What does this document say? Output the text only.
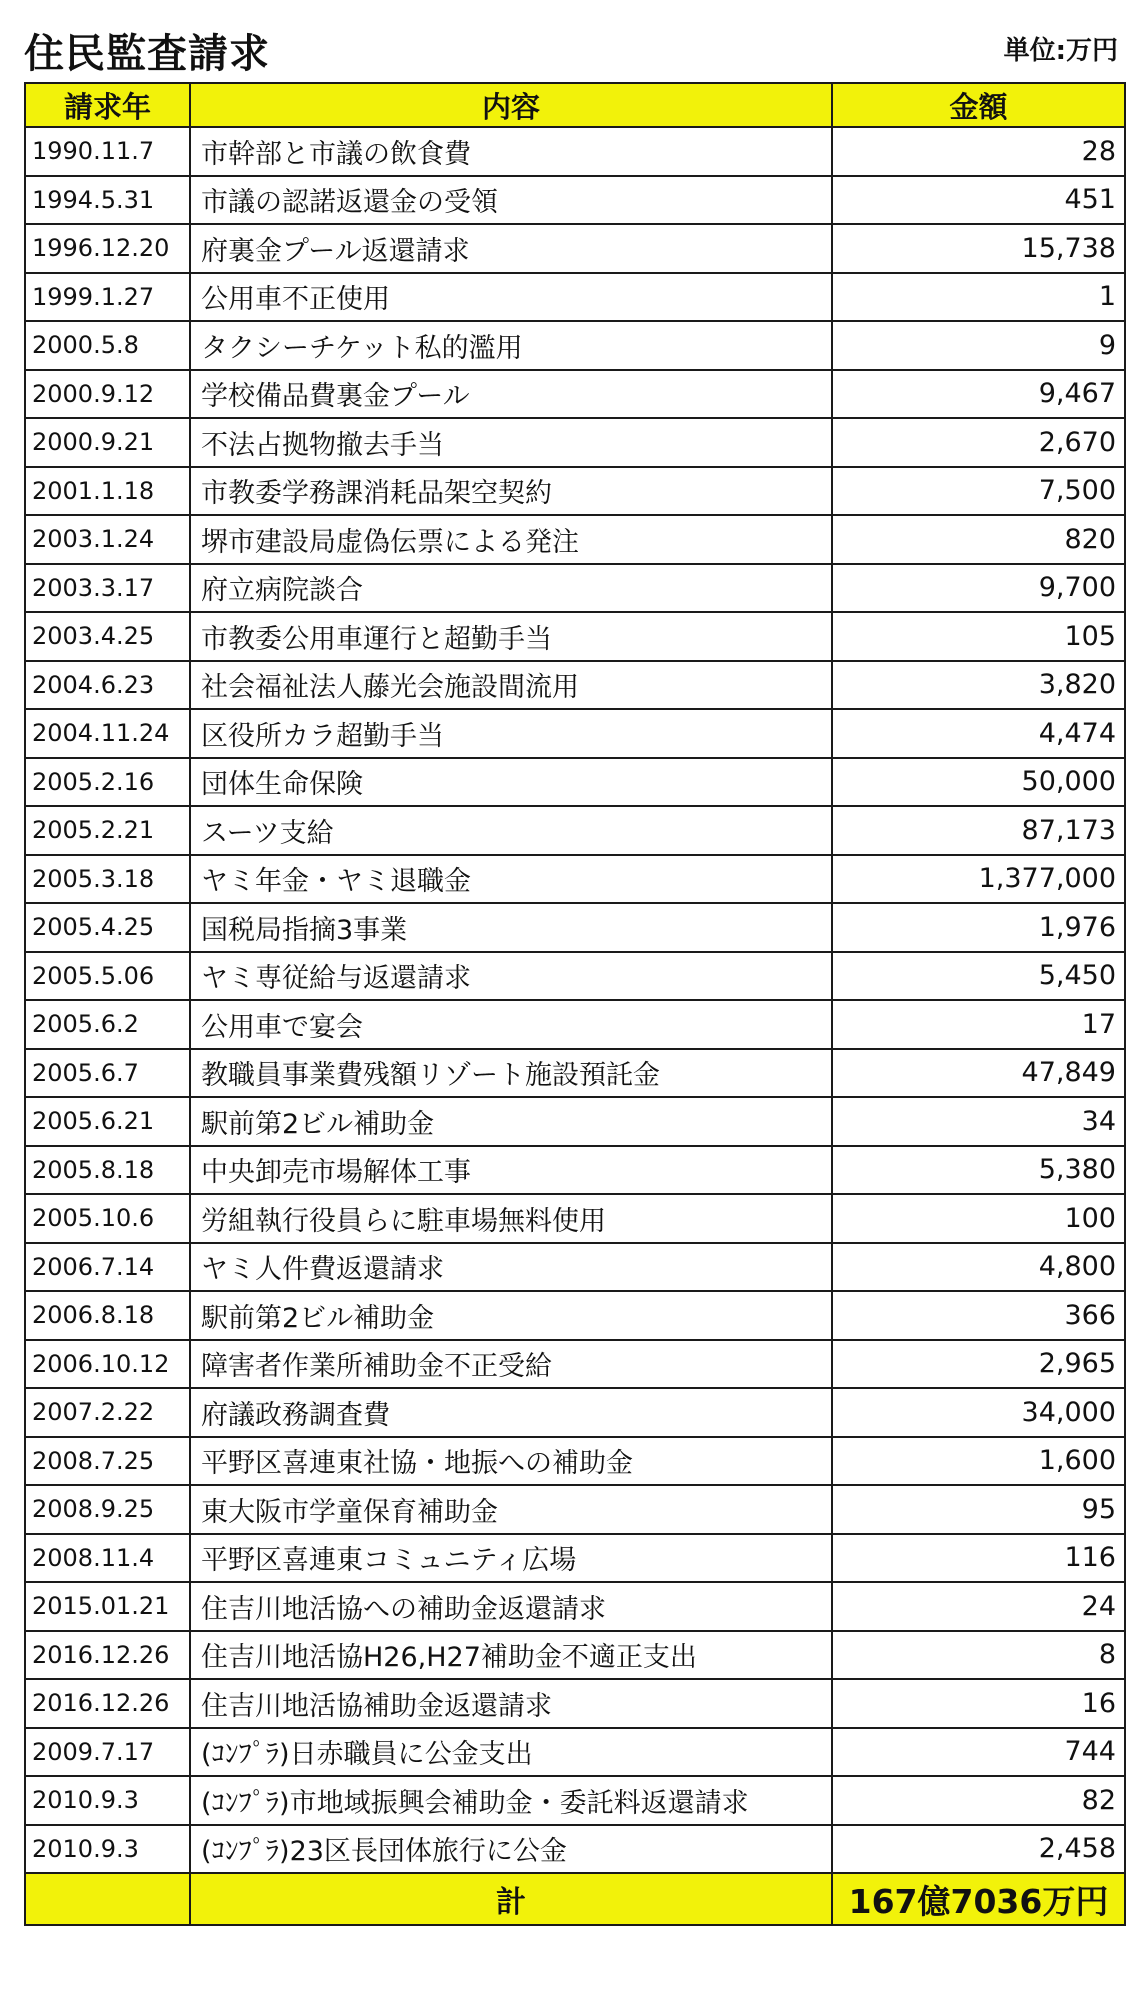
住民監査請求	単位:万円
請求年	内容	金額
1990.11.7	市幹部と市議の飲食費	28
1994.5.31	市議の認諾返還金の受領	451
1996.12.20	府裏金プール返還請求	15,738
1999.1.27	公用車不正使用	1
2000.5.8	タクシーチケット私的濫用	9
2000.9.12	学校備品費裏金プール	9,467
2000.9.21	不法占拠物撤去手当	2,670
2001.1.18	市教委学務課消耗品架空契約	7,500
2003.1.24	堺市建設局虚偽伝票による発注	820
2003.3.17	府立病院談合	9,700
2003.4.25	市教委公用車運行と超勤手当	105
2004.6.23	社会福祉法人藤光会施設間流用	3,820
2004.11.24	区役所カラ超勤手当	4,474
2005.2.16	団体生命保険	50,000
2005.2.21	スーツ支給	87,173
2005.3.18	ヤミ年金・ヤミ退職金	1,377,000
2005.4.25	国税局指摘3事業	1,976
2005.5.06	ヤミ専従給与返還請求	5,450
2005.6.2	公用車で宴会	17
2005.6.7	教職員事業費残額リゾート施設預託金	47,849
2005.6.21	駅前第2ビル補助金	34
2005.8.18	中央卸売市場解体工事	5,380
2005.10.6	労組執行役員らに駐車場無料使用	100
2006.7.14	ヤミ人件費返還請求	4,800
2006.8.18	駅前第2ビル補助金	366
2006.10.12	障害者作業所補助金不正受給	2,965
2007.2.22	府議政務調査費	34,000
2008.7.25	平野区喜連東社協・地振への補助金	1,600
2008.9.25	東大阪市学童保育補助金	95
2008.11.4	平野区喜連東コミュニティ広場	116
2015.01.21	住吉川地活協への補助金返還請求	24
2016.12.26	住吉川地活協H26,H27補助金不適正支出	8
2016.12.26	住吉川地活協補助金返還請求	16
2009.7.17	(ｺﾝﾌﾟﾗ)日赤職員に公金支出	744
2010.9.3	(ｺﾝﾌﾟﾗ)市地域振興会補助金・委託料返還請求	82
2010.9.3	(ｺﾝﾌﾟﾗ)23区長団体旅行に公金	2,458
	計	167億7036万円
